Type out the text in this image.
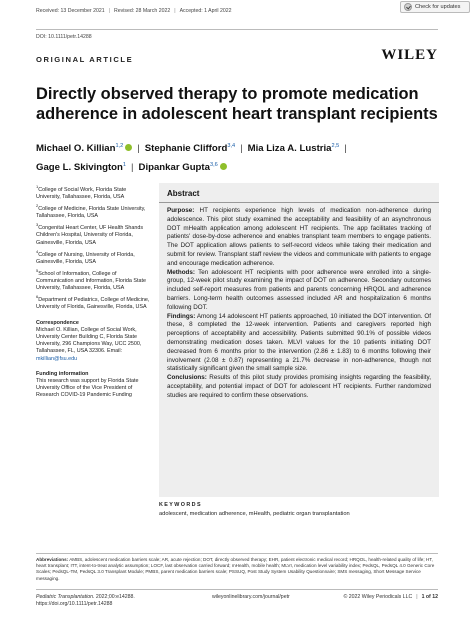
Received: 13 December 2021 | Revised: 28 March 2022 | Accepted: 1 April 2022
Check for updates
DOI: 10.1111/petr.14288
ORIGINAL ARTICLE	WILEY
Directly observed therapy to promote medication adherence in adolescent heart transplant recipients
Michael O. Killian$^{1,2}$ | Stephanie Clifford$^{3,4}$ | Mia Liza A. Lustria$^{2,5}$ |
Gage L. Skivington$^1$ | Dipankar Gupta$^{3,6}$
$^1$College of Social Work, Florida State University, Tallahassee, Florida, USA
$^2$College of Medicine, Florida State University, Tallahassee, Florida, USA
$^3$Congenital Heart Center, UF Health Shands Children's Hospital, University of Florida, Gainesville, Florida, USA
$^4$College of Nursing, University of Florida, Gainesville, Florida, USA
$^5$School of Information, College of Communication and Information, Florida State University, Tallahassee, Florida, USA
$^6$Department of Pediatrics, College of Medicine, University of Florida, Gainesville, Florida, USA
Correspondence
Michael O. Killian, College of Social Work, University Center Building C, Florida State University, 296 Champions Way, UCC 2500, Tallahassee, FL, USA 32306. Email: mkillian@fsu.edu
Funding information
This research was support by Florida State University Office of the Vice President of Research COVID-19 Pandemic Funding
Abstract

Purpose: HT recipients experience high levels of medication non-adherence during adolescence. This pilot study examined the acceptability and feasibility of an asynchronous DOT mHealth application among adolescent HT recipients. The app facilitates tracking of patients' dose-by-dose adherence and enables transplant team members to engage patients. The DOT application allows patients to self-record videos while taking their medication and submit for review. Transplant staff review the videos and communicate with patients to engage and encourage medication adherence.

Methods: Ten adolescent HT recipients with poor adherence were enrolled into a single-group, 12-week pilot study examining the impact of DOT on adherence. Secondary outcomes included self-report measures from patients and parents concerning HRQOL and adherence barriers. Long-term health outcomes assessed included AR and hospitalization 6 months following DOT.

Findings: Among 14 adolescent HT patients approached, 10 initiated the DOT intervention. Of these, 8 completed the 12-week intervention. Patients and caregivers reported high perceptions of acceptability and accessibility. Patients submitted 90.1% of possible videos demonstrating medication doses taken. MLVI values for the 10 patients initiating DOT decreased from 6 months prior to the intervention (2.86 ± 1.83) to 6 months following their involvement (2.08 ± 0.87) representing a 21.7% decrease in non-adherence, though not statistically significant given the small sample size.

Conclusions: Results of this pilot study provides promising insights regarding the feasibility, acceptability, and potential impact of DOT for adolescent HT recipients. Further randomized studies are required to confirm these observations.

KEYWORDS
adolescent, medication adherence, mHealth, pediatric organ transplantation
Abbreviations: AMBS, adolescent medication barriers scale; AR, acute rejection; DOT, directly observed therapy; EHR, patient electronic medical record; HRQOL, health-related quality of life; HT, heart transplant; ITT, intent-to-treat analytic assumption; LOCF, last observation carried forward; mHealth, mobile health; MLVI, medication level variability index; PedsQL, PedsQL 4.0 Generic Core Scales; PedsQL-TM, PedsQL 3.0 Transplant Module; PMBS, parent medication barriers scale; PSSUQ, Post Study System Usability Questionnaire; SMS messaging, Short Message Service messaging.
Pediatric Transplantation. 2022;00:e14288.
https://doi.org/10.1111/petr.14288
wileyonlinelibrary.com/journal/petr	© 2022 Wiley Periodicals LLC | 1 of 12
